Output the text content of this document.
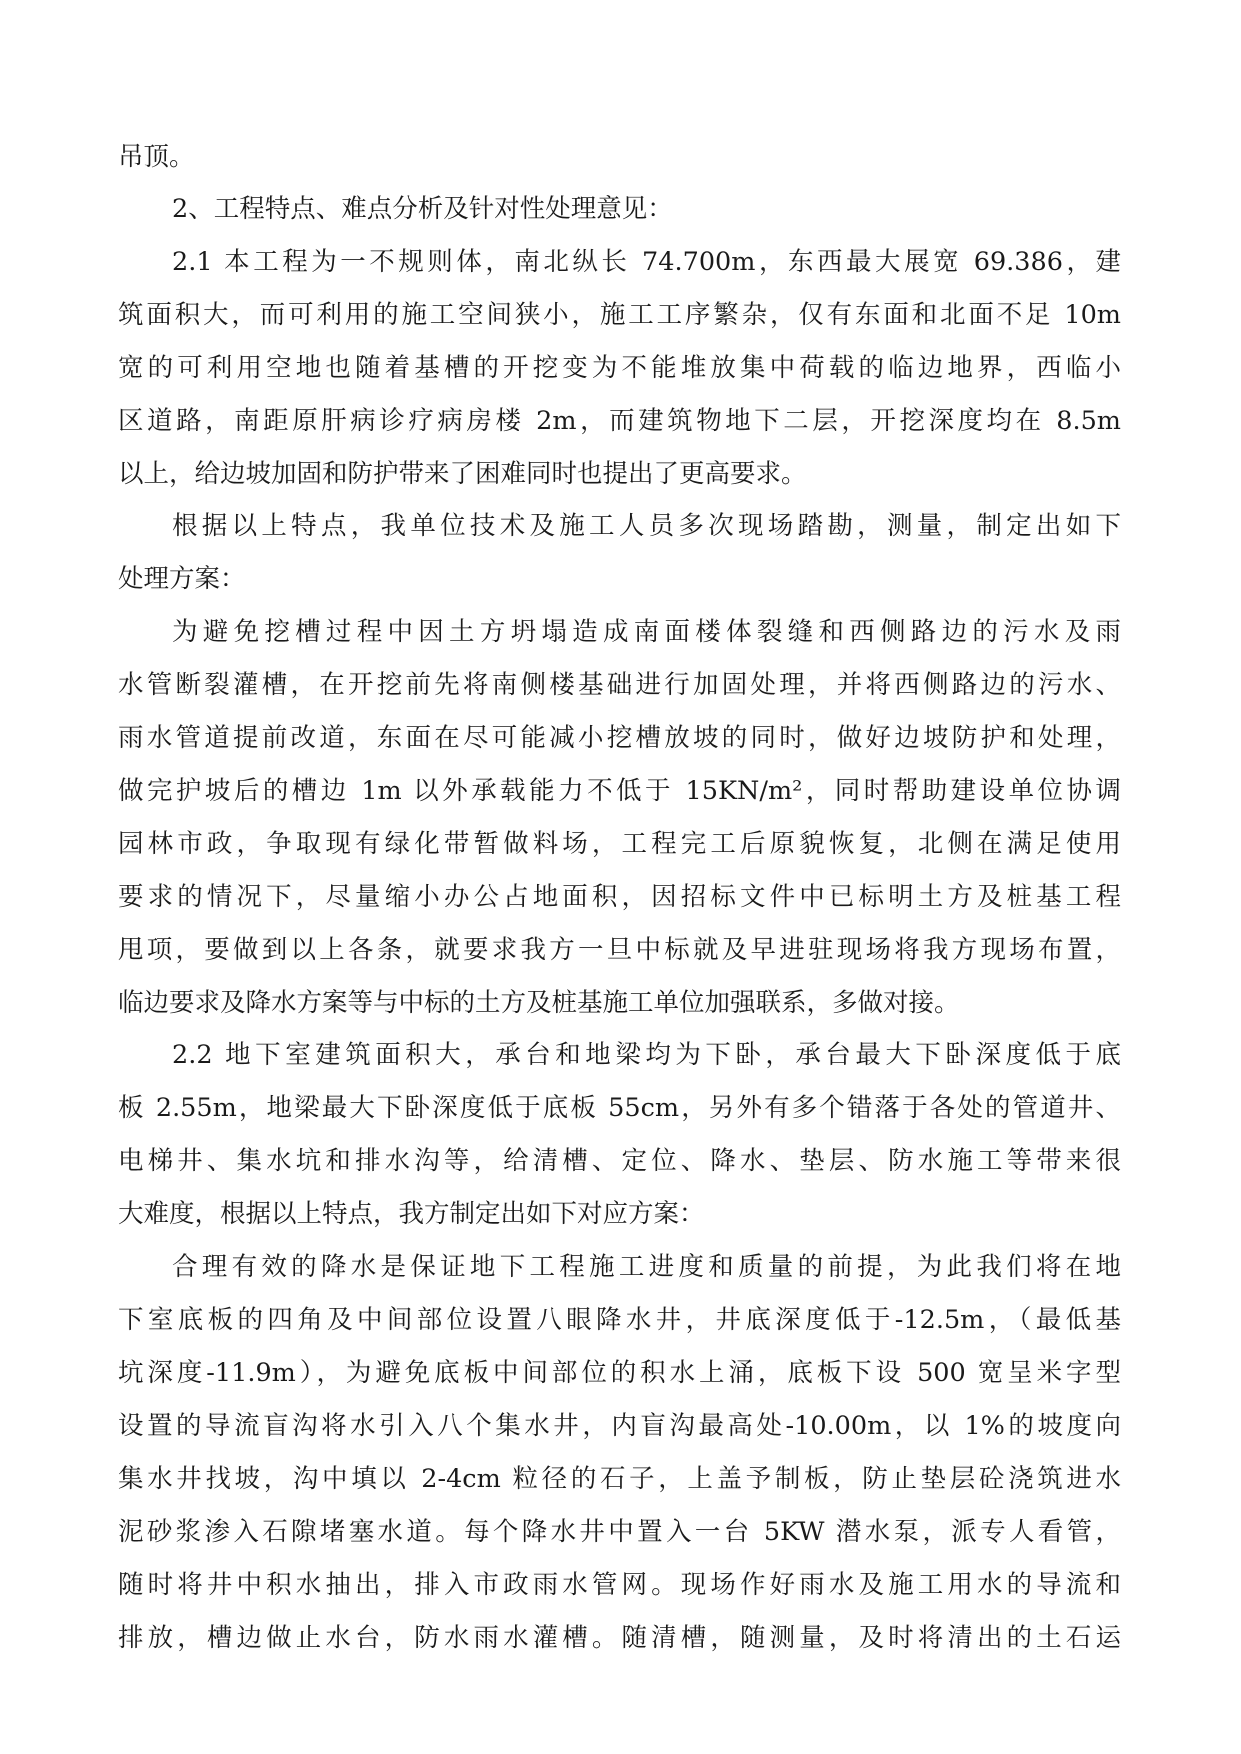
吊顶。
2、工程特点、难点分析及针对性处理意见：
2.1 本工程为一不规则体，南北纵长 74.700m，东西最大展宽 69.386，建
筑面积大，而可利用的施工空间狭小，施工工序繁杂，仅有东面和北面不足 10m
宽的可利用空地也随着基槽的开挖变为不能堆放集中荷载的临边地界，西临小
区道路，南距原肝病诊疗病房楼 2m，而建筑物地下二层，开挖深度均在 8.5m
以上，给边坡加固和防护带来了困难同时也提出了更高要求。
根据以上特点，我单位技术及施工人员多次现场踏勘，测量，制定出如下
处理方案：
为避免挖槽过程中因土方坍塌造成南面楼体裂缝和西侧路边的污水及雨
水管断裂灌槽，在开挖前先将南侧楼基础进行加固处理，并将西侧路边的污水、
雨水管道提前改道，东面在尽可能减小挖槽放坡的同时，做好边坡防护和处理，
做完护坡后的槽边 1m 以外承载能力不低于 15KN/m²，同时帮助建设单位协调
园林市政，争取现有绿化带暂做料场，工程完工后原貌恢复，北侧在满足使用
要求的情况下，尽量缩小办公占地面积，因招标文件中已标明土方及桩基工程
甩项，要做到以上各条，就要求我方一旦中标就及早进驻现场将我方现场布置，
临边要求及降水方案等与中标的土方及桩基施工单位加强联系，多做对接。
2.2 地下室建筑面积大，承台和地梁均为下卧，承台最大下卧深度低于底
板 2.55m，地梁最大下卧深度低于底板 55cm，另外有多个错落于各处的管道井、
电梯井、集水坑和排水沟等，给清槽、定位、降水、垫层、防水施工等带来很
大难度，根据以上特点，我方制定出如下对应方案：
合理有效的降水是保证地下工程施工进度和质量的前提，为此我们将在地
下室底板的四角及中间部位设置八眼降水井，井底深度低于-12.5m，（最低基
坑深度-11.9m），为避免底板中间部位的积水上涌，底板下设 500 宽呈米字型
设置的导流盲沟将水引入八个集水井，内盲沟最高处-10.00m，以 1%的坡度向
集水井找坡，沟中填以 2-4cm 粒径的石子，上盖予制板，防止垫层砼浇筑进水
泥砂浆渗入石隙堵塞水道。每个降水井中置入一台 5KW 潜水泵，派专人看管，
随时将井中积水抽出，排入市政雨水管网。现场作好雨水及施工用水的导流和
排放，槽边做止水台，防水雨水灌槽。随清槽，随测量，及时将清出的土石运
